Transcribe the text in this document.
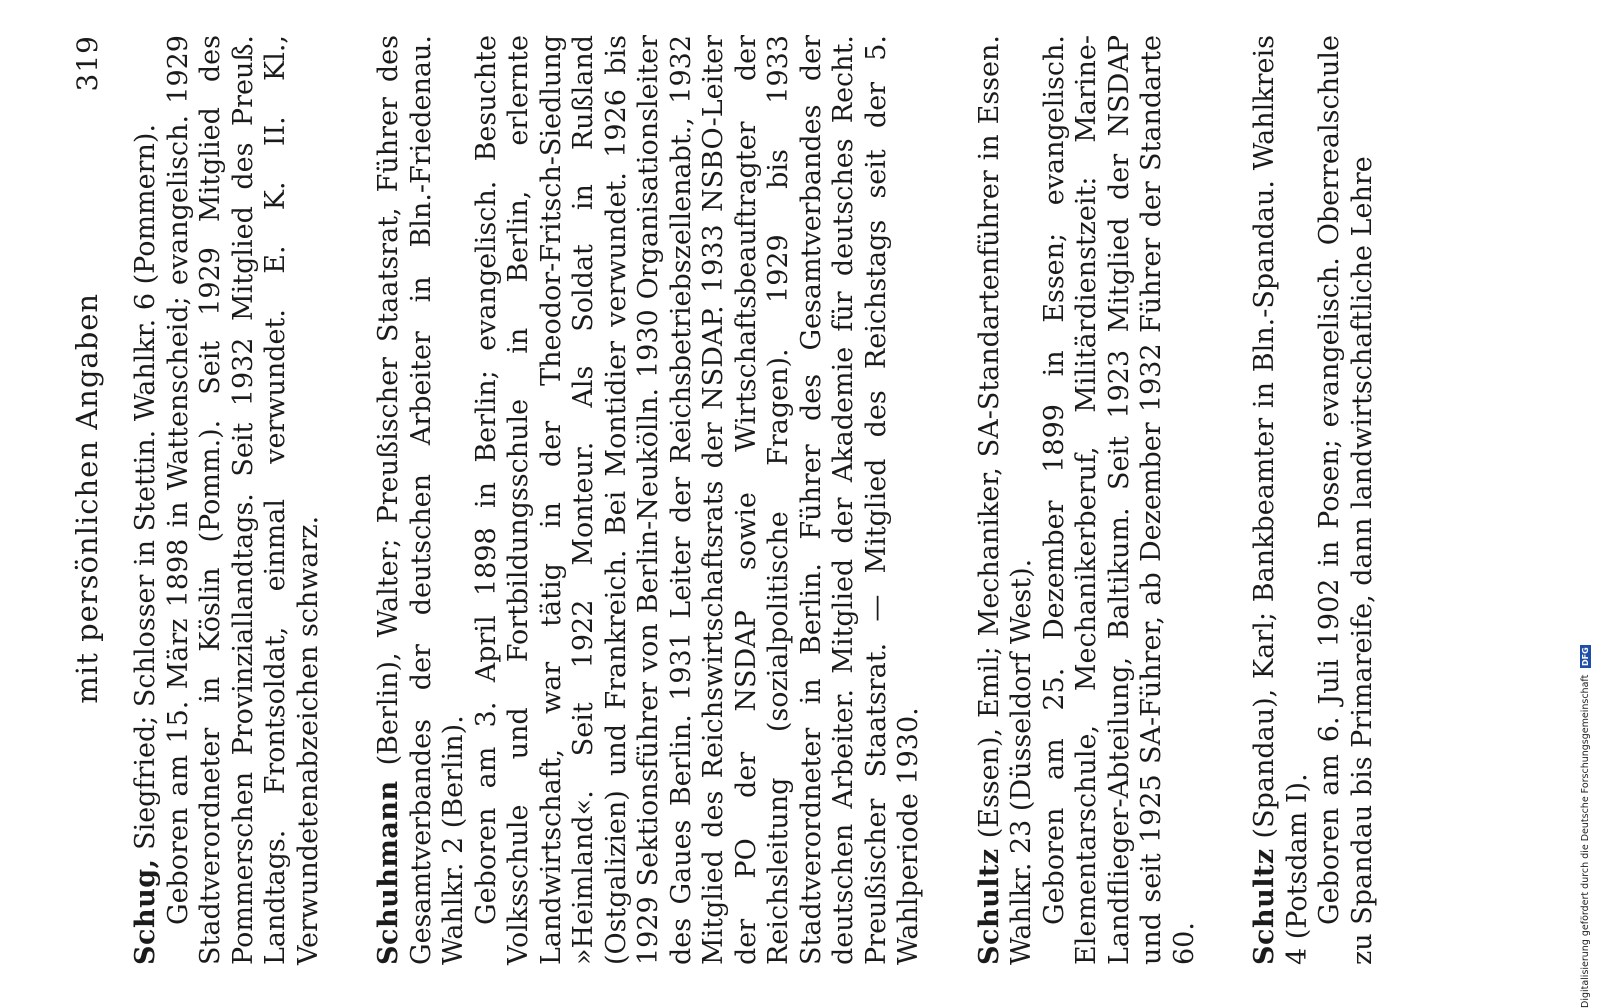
mit persönlichen Angaben
319

Schug, Siegfried; Schlosser in Stettin. Wahlkr. 6 (Pommern). Geboren am 15. März 1898 in Wattenscheid; evangelisch. 1929 Stadtverordneter in Köslin (Pomm.). Seit 1929 Mitglied des Pommerschen Provinziallandtags. Seit 1932 Mitglied des Preuß. Landtags. Frontsoldat, einmal verwundet. E. K. II. Kl., Verwundetenabzeichen schwarz. Schuhmann (Berlin), Walter; Preußischer Staatsrat, Führer des Gesamtverbandes der deutschen Arbeiter in Bln.-Friedenau. Wahlkr. 2 (Berlin). Geboren am 3. April 1898 in Berlin; evangelisch. Besuchte Volksschule und Fortbildungsschule in Berlin, erlernte Landwirtschaft, war tätig in der Theodor-Fritsch-Siedlung »Heimland«. Seit 1922 Monteur. Als Soldat in Rußland (Ostgalizien) und Frankreich. Bei Montidier verwundet. 1926 bis 1929 Sektionsführer von Berlin-Neukölln. 1930 Organisationsleiter des Gaues Berlin. 1931 Leiter der Reichsbetriebszellenabt., 1932 Mitglied des Reichswirtschaftsrats der NSDAP. 1933 NSBO-Leiter der PO der NSDAP sowie Wirtschaftsbeauftragter der Reichsleitung (sozialpolitische Fragen). 1929 bis 1933 Stadtverordneter in Berlin. Führer des Gesamtverbandes der deutschen Arbeiter. Mitglied der Akademie für deutsches Recht. Preußischer Staatsrat. — Mitglied des Reichstags seit der 5. Wahlperiode 1930. Schultz (Essen), Emil; Mechaniker, SA-Standartenführer in Essen. Wahlkr. 23 (Düsseldorf West). Geboren am 25. Dezember 1899 in Essen; evangelisch. Elementarschule, Mechanikerberuf, Militärdienstzeit: Marine-Landflieger-Abteilung, Baltikum. Seit 1923 Mitglied der NSDAP und seit 1925 SA-Führer, ab Dezember 1932 Führer der Standarte 60. Schultz (Spandau), Karl; Bankbeamter in Bln.-Spandau. Wahlkreis 4 (Potsdam I). Geboren am 6. Juli 1902 in Posen; evangelisch. Oberrealschule zu Spandau bis Primareife, dann landwirtschaftliche Lehre	Digitalisierung gefördert durch die Deutsche Forschungsgemeinschaft DFG
